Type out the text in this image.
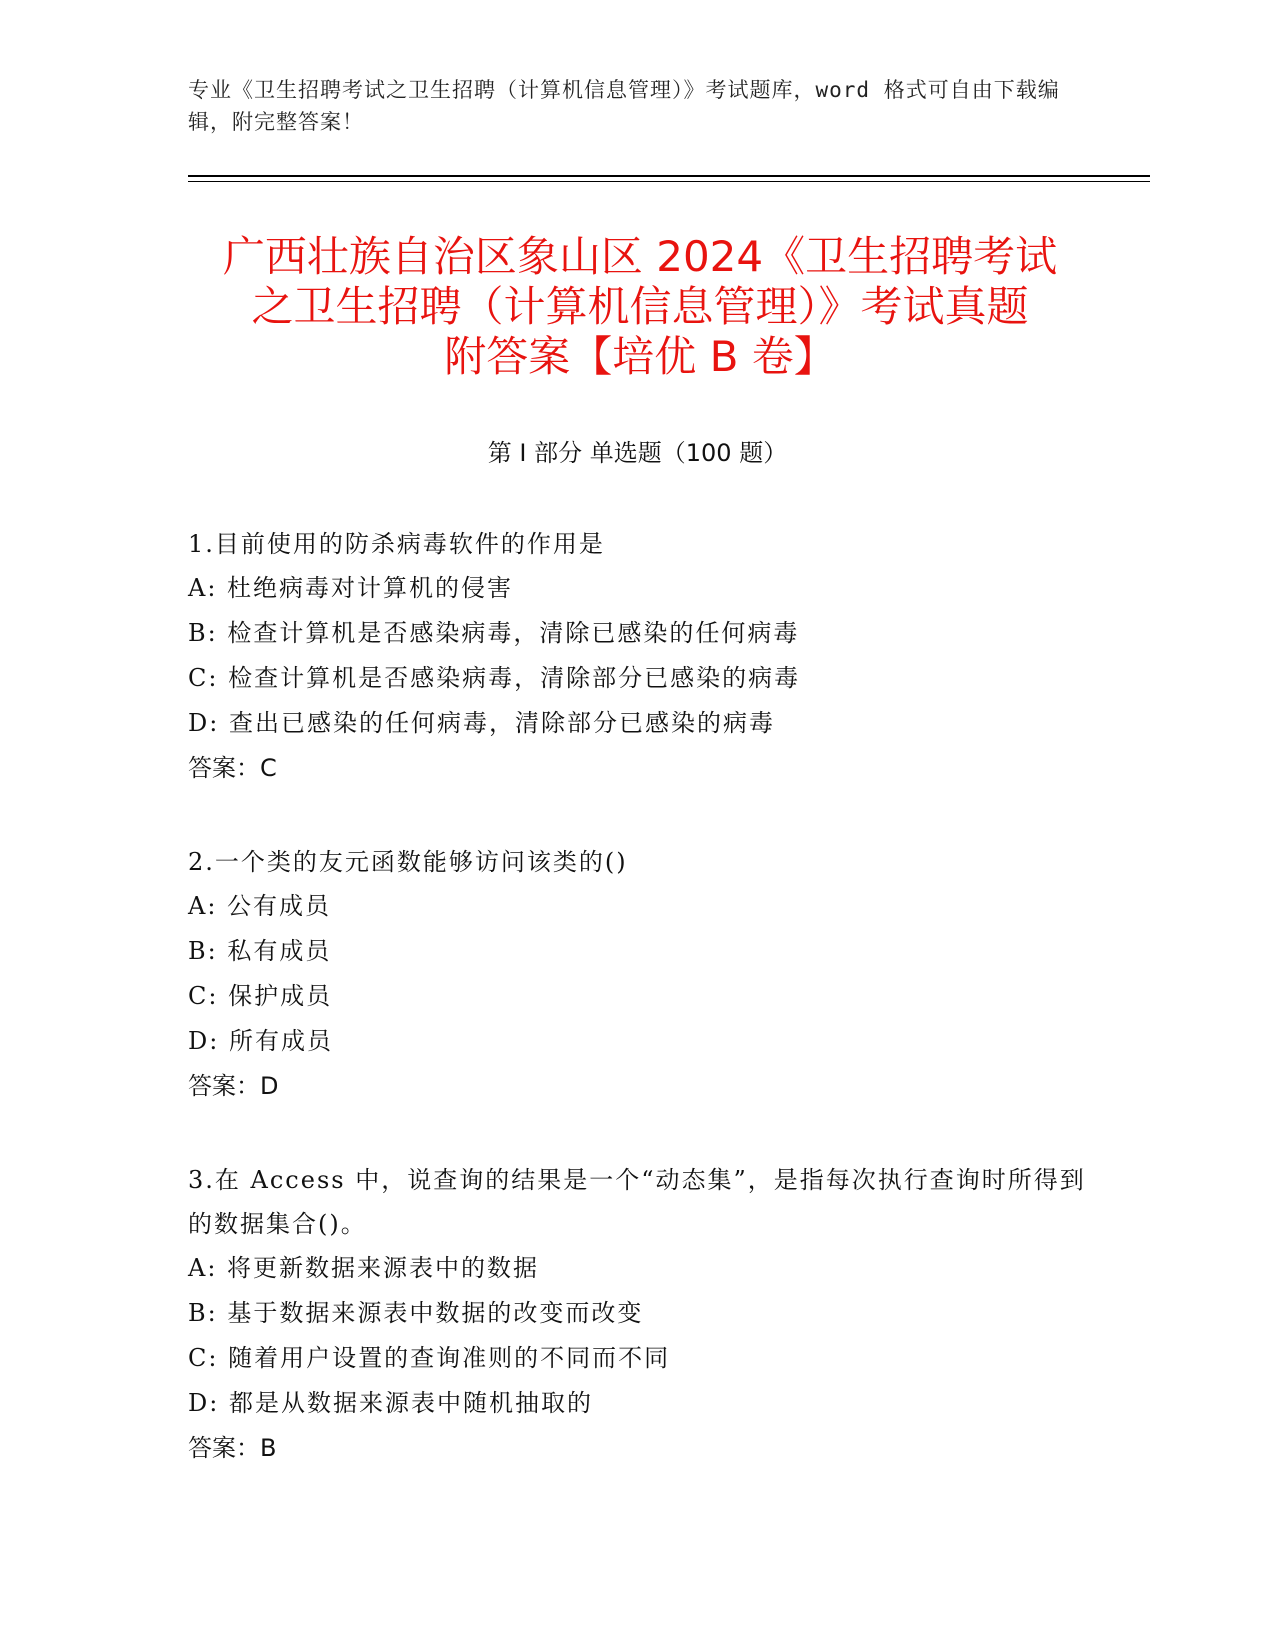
专业《卫生招聘考试之卫生招聘（计算机信息管理）》考试题库，word 格式可自由下载编辑，附完整答案！
广西壮族自治区象山区 2024《卫生招聘考试
之卫生招聘（计算机信息管理）》考试真题
附答案【培优 B 卷】
第 I 部分 单选题（100 题）
1.目前使用的防杀病毒软件的作用是
A: 杜绝病毒对计算机的侵害
B: 检查计算机是否感染病毒，清除已感染的任何病毒
C: 检查计算机是否感染病毒，清除部分已感染的病毒
D: 查出已感染的任何病毒，清除部分已感染的病毒
答案：C
2.一个类的友元函数能够访问该类的()
A: 公有成员
B: 私有成员
C: 保护成员
D: 所有成员
答案：D
3.在 Access 中，说查询的结果是一个“动态集”，是指每次执行查询时所得到的数据集合()。
A: 将更新数据来源表中的数据
B: 基于数据来源表中数据的改变而改变
C: 随着用户设置的查询准则的不同而不同
D: 都是从数据来源表中随机抽取的
答案：B
